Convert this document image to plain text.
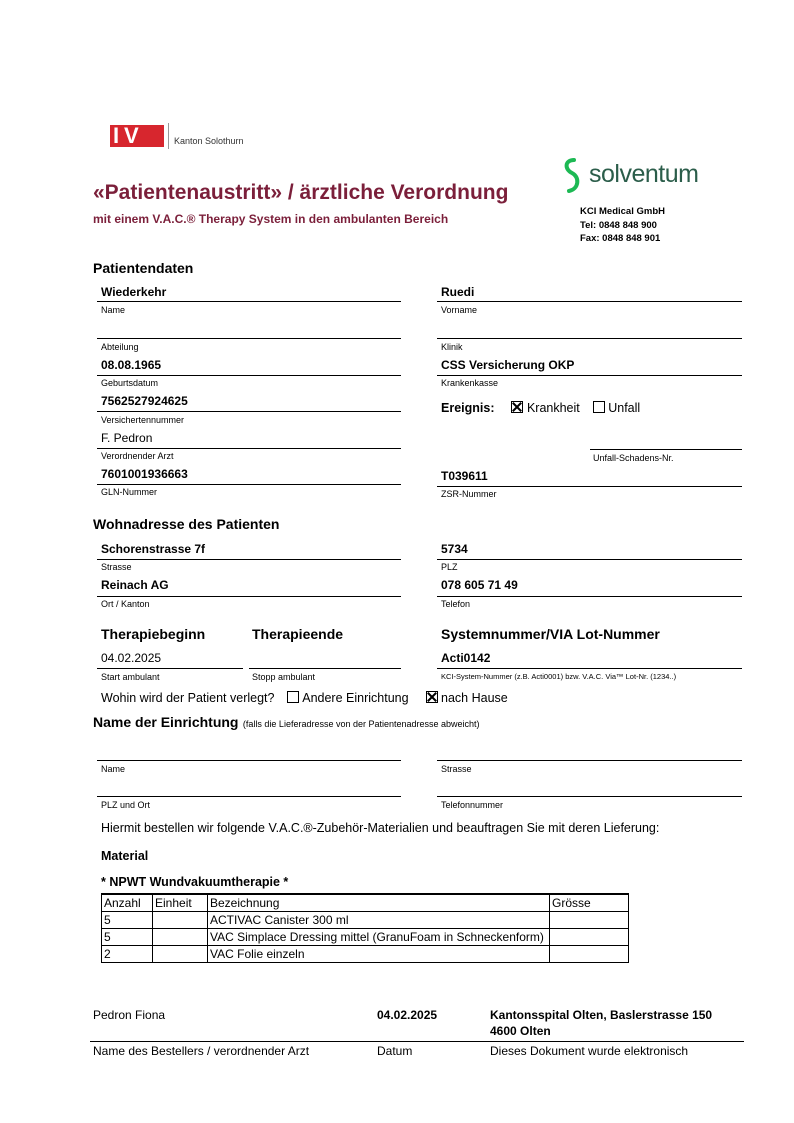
I V	Kanton Solothurn
«Patientenaustritt» / ärztliche Verordnung
mit einem V.A.C.® Therapy System in den ambulanten Bereich
solventum
KCI Medical GmbH
Tel: 0848 848 900
Fax: 0848 848 901
Patientendaten
Wiederkehr
Name
Ruedi
Vorname
Abteilung	Klinik
08.08.1965
Geburtsdatum
CSS Versicherung OKP
Krankenkasse
7562527924625
Versichertennummer
Ereignis:	Krankheit Unfall
F. Pedron
Verordnender Arzt	Unfall-Schadens-Nr.
7601001936663
GLN-Nummer
T039611
ZSR-Nummer
Wohnadresse des Patienten
Schorenstrasse 7f
Strasse
5734
PLZ
Reinach AG
Ort / Kanton
078 605 71 49
Telefon
Therapiebeginn	Therapieende	Systemnummer/VIA Lot-Nummer
04.02.2025
Start ambulant	Stopp ambulant
Acti0142
KCI-System-Nummer (z.B. Acti0001) bzw. V.A.C. Via™ Lot-Nr. (1234..)
Wohin wird der Patient verlegt? Andere Einrichtung	nach Hause
Name der Einrichtung (falls die Lieferadresse von der Patientenadresse abweicht)
Name	Strasse
PLZ und Ort	Telefonnummer
Hiermit bestellen wir folgende V.A.C.®-Zubehör-Materialien und beauftragen Sie mit deren Lieferung:
Material
* NPWT Wundvakuumtherapie *
Anzahl	Einheit	Bezeichnung	Grösse
5		ACTIVAC Canister 300 ml	
5		VAC Simplace Dressing mittel (GranuFoam in Schneckenform)	
2		VAC Folie einzeln	
Pedron Fiona	04.02.2025	Kantonsspital Olten, Baslerstrasse 150
4600 Olten
Name des Bestellers / verordnender Arzt	Datum	Dieses Dokument wurde elektronisch
